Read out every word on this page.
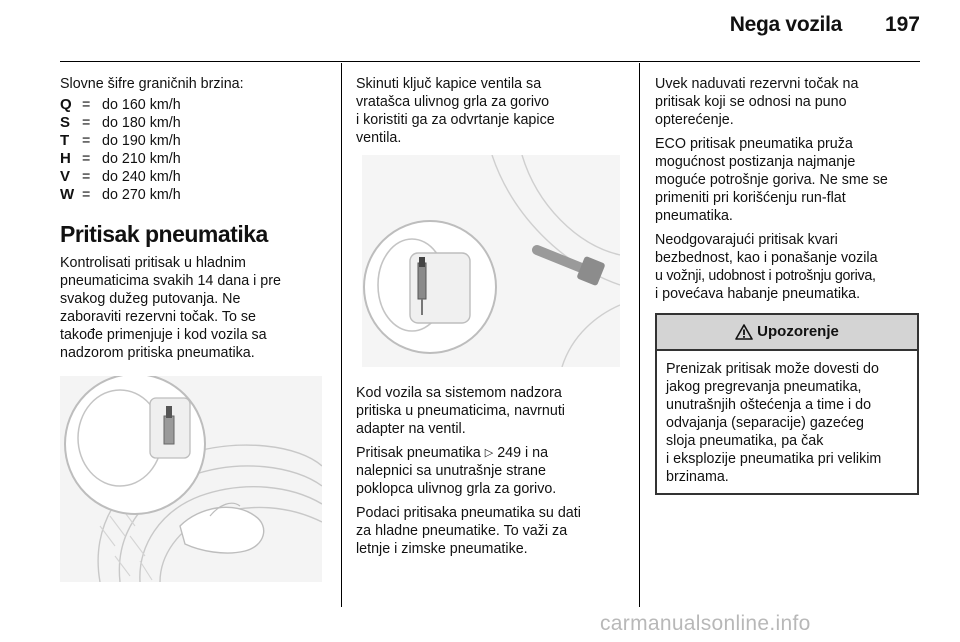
Nega vozila 197

Slovne šifre graničnih brzina:

Q = do 160 km/h
S = do 180 km/h
T = do 190 km/h
H = do 210 km/h
V = do 240 km/h
W = do 270 km/h
Pritisak pneumatika
Kontrolisati pritisak u hladnim
pneumaticima svakih 14 dana i pre
svakog dužeg putovanja. Ne
zaboraviti rezervni točak. To se
takođe primenjuje i kod vozila sa
nadzorom pritiska pneumatika.

Skinuti ključ kapice ventila sa
vratašca ulivnog grla za gorivo
i koristiti ga za odvrtanje kapice
ventila.

Kod vozila sa sistemom nadzora
pritiska u pneumaticima, navrnuti
adapter na ventil.

Pritisak pneumatika ▷ 249 i na
nalepnici sa unutrašnje strane
poklopca ulivnog grla za gorivo.

Podaci pritisaka pneumatika su dati
za hladne pneumatike. To važi za
letnje i zimske pneumatike.

Uvek naduvati rezervni točak na
pritisak koji se odnosi na puno
opterećenje.

ECO pritisak pneumatika pruža
mogućnost postizanja najmanje
moguće potrošnje goriva. Ne sme se
primeniti pri korišćenju run-flat
pneumatika.

Neodgovarajući pritisak kvari
bezbednost, kao i ponašanje vozila
u vožnji, udobnost i potrošnju goriva,
i povećava habanje pneumatika.

Upozorenje
Prenizak pritisak može dovesti do
jakog pregrevanja pneumatika,
unutrašnjih oštećenja a time i do
odvajanja (separacije) gazećeg
sloja pneumatika, pa čak
i eksplozije pneumatika pri velikim
brzinama.
carmanualsonline.info
